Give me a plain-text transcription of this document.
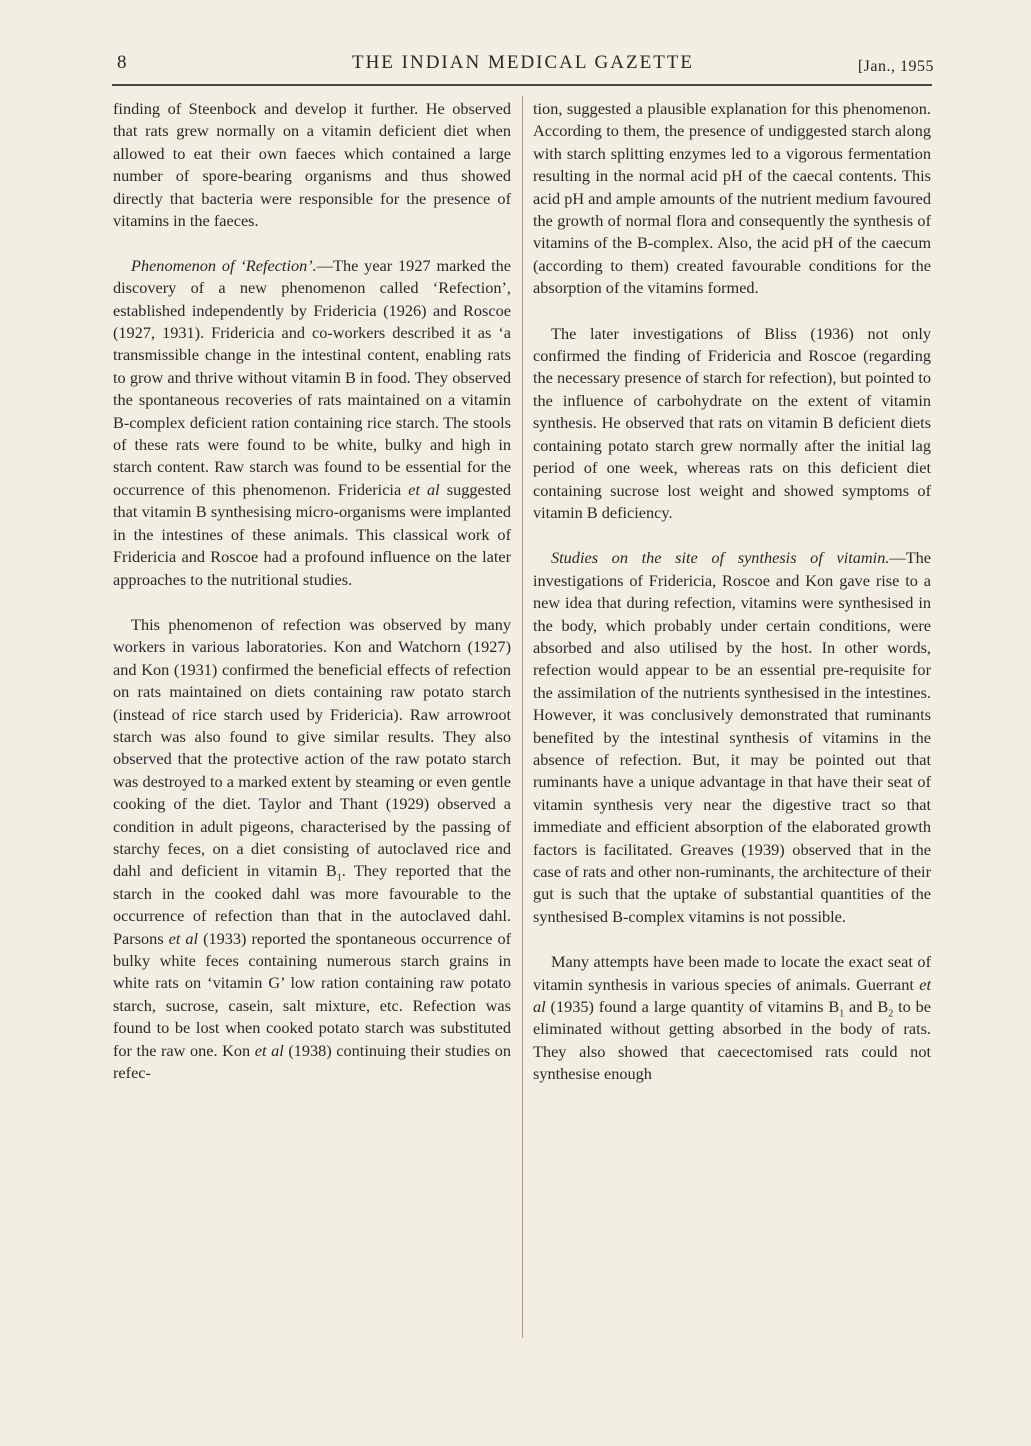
8	THE INDIAN MEDICAL GAZETTE	[Jan., 1955

finding of Steenbock and develop it further. He observed that rats grew normally on a vitamin deficient diet when allowed to eat their own faeces which contained a large number of spore-bearing organisms and thus showed directly that bacteria were responsible for the presence of vitamins in the faeces.

Phenomenon of ‘Refection’.—The year 1927 marked the discovery of a new phenomenon called ‘Refection’, established independently by Fridericia (1926) and Roscoe (1927, 1931). Fridericia and co-workers described it as ‘a transmissible change in the intestinal content, enabling rats to grow and thrive without vitamin B in food. They observed the spontaneous recoveries of rats maintained on a vitamin B-complex deficient ration containing rice starch. The stools of these rats were found to be white, bulky and high in starch content. Raw starch was found to be essential for the occurrence of this phenomenon. Fridericia et al suggested that vitamin B synthesising micro-organisms were implanted in the intestines of these animals. This classical work of Fridericia and Roscoe had a profound influence on the later approaches to the nutritional studies.

This phenomenon of refection was observed by many workers in various laboratories. Kon and Watchorn (1927) and Kon (1931) confirmed the beneficial effects of refection on rats maintained on diets containing raw potato starch (instead of rice starch used by Fridericia). Raw arrowroot starch was also found to give similar results. They also observed that the protective action of the raw potato starch was destroyed to a marked extent by steaming or even gentle cooking of the diet. Taylor and Thant (1929) observed a condition in adult pigeons, characterised by the passing of starchy feces, on a diet consisting of autoclaved rice and dahl and deficient in vitamin $B_1$. They reported that the starch in the cooked dahl was more favourable to the occurrence of refection than that in the autoclaved dahl. Parsons et al (1933) reported the spontaneous occurrence of bulky white feces containing numerous starch grains in white rats on ‘vitamin G’ low ration containing raw potato starch, sucrose, casein, salt mixture, etc. Refection was found to be lost when cooked potato starch was substituted for the raw one. Kon et al (1938) continuing their studies on refec-

tion, suggested a plausible explanation for this phenomenon. According to them, the presence of undiggested starch along with starch splitting enzymes led to a vigorous fermentation resulting in the normal acid pH of the caecal contents. This acid pH and ample amounts of the nutrient medium favoured the growth of normal flora and consequently the synthesis of vitamins of the B-complex. Also, the acid pH of the caecum (according to them) created favourable conditions for the absorption of the vitamins formed.

The later investigations of Bliss (1936) not only confirmed the finding of Fridericia and Roscoe (regarding the necessary presence of starch for refection), but pointed to the influence of carbohydrate on the extent of vitamin synthesis. He observed that rats on vitamin B deficient diets containing potato starch grew normally after the initial lag period of one week, whereas rats on this deficient diet containing sucrose lost weight and showed symptoms of vitamin B deficiency.

Studies on the site of synthesis of vitamin.—The investigations of Fridericia, Roscoe and Kon gave rise to a new idea that during refection, vitamins were synthesised in the body, which probably under certain conditions, were absorbed and also utilised by the host. In other words, refection would appear to be an essential pre-requisite for the assimilation of the nutrients synthesised in the intestines. However, it was conclusively demonstrated that ruminants benefited by the intestinal synthesis of vitamins in the absence of refection. But, it may be pointed out that ruminants have a unique advantage in that have their seat of vitamin synthesis very near the digestive tract so that immediate and efficient absorption of the elaborated growth factors is facilitated. Greaves (1939) observed that in the case of rats and other non-ruminants, the architecture of their gut is such that the uptake of substantial quantities of the synthesised B-complex vitamins is not possible.

Many attempts have been made to locate the exact seat of vitamin synthesis in various species of animals. Guerrant et al (1935) found a large quantity of vitamins $B_1$ and $B_2$ to be eliminated without getting absorbed in the body of rats. They also showed that caecectomised rats could not synthesise enough
